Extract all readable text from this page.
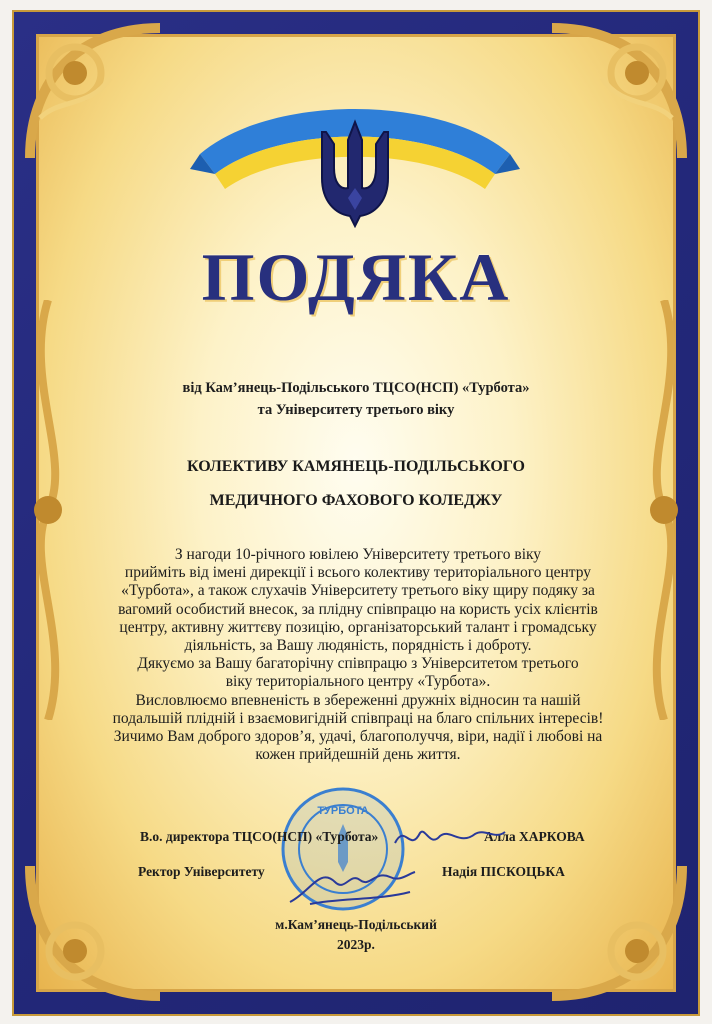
ПОДЯКА
від Кам’янець-Подільського ТЦСО(НСП) «Турбота»
та Університету третього віку
КОЛЕКТИВУ КАМЯНЕЦЬ-ПОДІЛЬСЬКОГО
МЕДИЧНОГО ФАХОВОГО КОЛЕДЖУ

З нагоди 10-річного ювілею Університету третього віку

прийміть від імені дирекції і всього колективу територіального центру

«Турбота», а також слухачів Університету третього віку щиру подяку за

вагомий особистий внесок, за плідну співпрацю на користь усіх клієнтів

центру, активну життєву позицію, організаторський талант і громадську

діяльність, за Вашу людяність, порядність і доброту.

Дякуємо за Вашу багаторічну співпрацю з Університетом третього

віку територіального центру «Турбота».

Висловлюємо впевненість в збереженні дружніх відносин та нашій

подальшій плідній і взаємовигідній співпраці на благо спільних інтересів!

Зичимо Вам доброго здоров’я, удачі, благополуччя, віри, надії і любові на

кожен прийдешній день життя.

ТУРБОТА
В.о. директора ТЦСО(НСП) «Турбота»	Алла ХАРКОВА
Ректор Університету	Надія ПІСКОЦЬКА
м.Кам’янець-Подільський
2023р.
